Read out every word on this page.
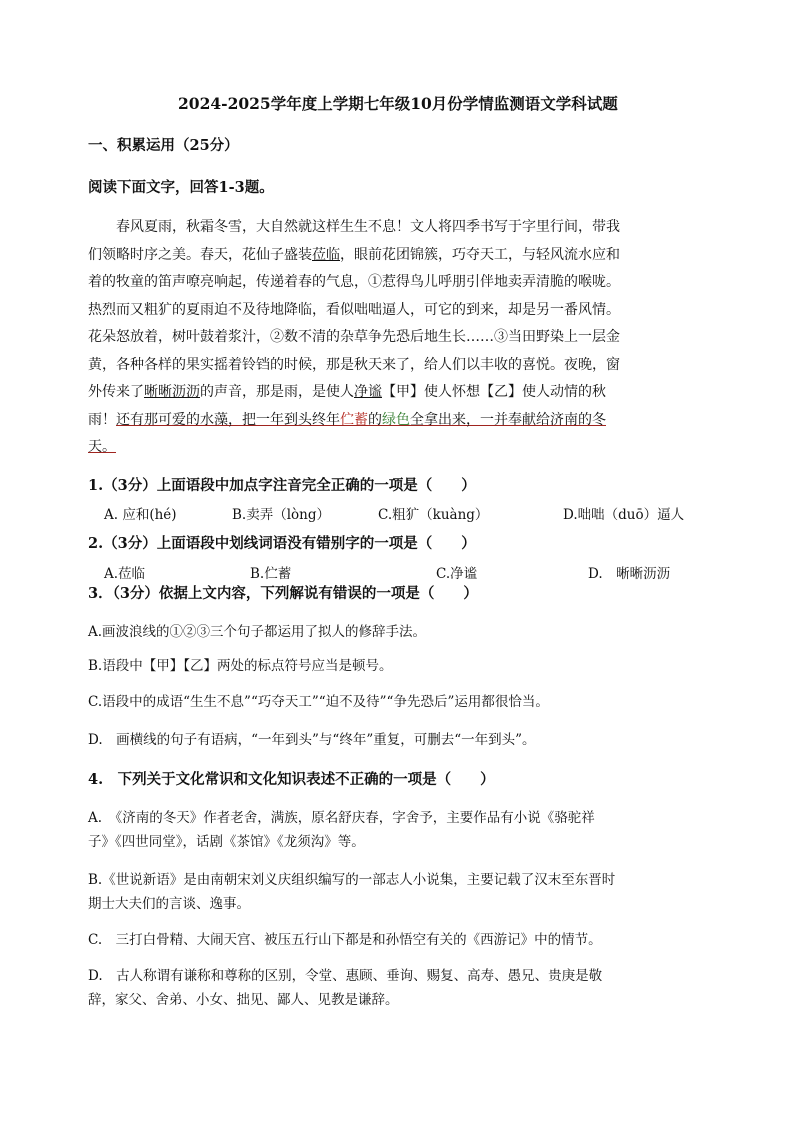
2024-2025学年度上学期七年级10月份学情监测语文学科试题
一、积累运用（25分）
阅读下面文字，回答1-3题。
春风夏雨，秋霜冬雪，大自然就这样生生不息！文人将四季书写于字里行间，带我
们领略时序之美。春天，花仙子盛装莅临，眼前花团锦簇，巧夺天工，与轻风流水应和
着的牧童的笛声嘹亮响起，传递着春的气息，①惹得鸟儿呼朋引伴地卖弄清脆的喉咙。
热烈而又粗犷的夏雨迫不及待地降临，看似咄咄逼人，可它的到来，却是另一番风情。
花朵怒放着，树叶鼓着浆汁，②数不清的杂草争先恐后地生长……③当田野染上一层金
黄，各种各样的果实摇着铃铛的时候，那是秋天来了，给人们以丰收的喜悦。夜晚，窗
外传来了晰晰沥沥的声音，那是雨，是使人净谧【甲】使人怀想【乙】使人动情的秋
雨！还有那可爱的水藻，把一年到头终年伫蓄的绿色全拿出来，一并奉献给济南的冬
天。
1.（3分）上面语段中加点字注音完全正确的一项是（　　）
A. 应和(hé)	B.卖弄（lòng）	C.粗犷（kuàng）	D.咄咄（duō）逼人
2.（3分）上面语段中划线词语没有错别字的一项是（　　）
A.莅临	B.伫蓄	C.净谧	D.　晰晰沥沥
3．（3分）依据上文内容，下列解说有错误的一项是（　　）
A.画波浪线的①②③三个句子都运用了拟人的修辞手法。
B.语段中【甲】【乙】两处的标点符号应当是顿号。
C.语段中的成语“生生不息”“巧夺天工”“迫不及待”“争先恐后”运用都很恰当。
D.　画横线的句子有语病，“一年到头”与“终年”重复，可删去“一年到头”。
4.　下列关于文化常识和文化知识表述不正确的一项是（　　）
A.　《济南的冬天》作者老舍，满族，原名舒庆春，字舍予，主要作品有小说《骆驼祥
子》《四世同堂》，话剧《茶馆》《龙须沟》等。
B.《世说新语》是由南朝宋刘义庆组织编写的一部志人小说集，主要记载了汉末至东晋时
期士大夫们的言谈、逸事。
C.　三打白骨精、大闹天宫、被压五行山下都是和孙悟空有关的《西游记》中的情节。
D.　古人称谓有谦称和尊称的区别，令堂、惠顾、垂询、赐复、高寿、愚兄、贵庚是敬
辞，家父、舍弟、小女、拙见、鄙人、见教是谦辞。
